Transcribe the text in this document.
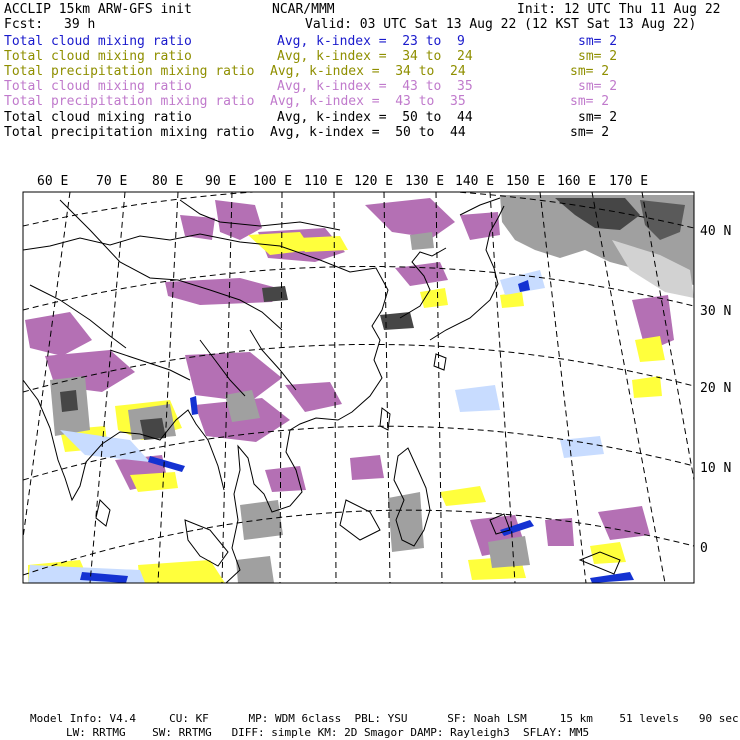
ACCLIP 15km ARW-GFS init	NCAR/MMM	Init: 12 UTC Thu 11 Aug 22
Fcst: 39 h	Valid: 03 UTC Sat 13 Aug 22 (12 KST Sat 13 Aug 22)
Total cloud mixing ratio	Avg, k-index =  23 to  9	sm= 2
Total cloud mixing ratio	Avg, k-index =  34 to  24	sm= 2
Total precipitation mixing ratio Avg, k-index =  34 to  24	sm= 2
Total cloud mixing ratio	Avg, k-index =  43 to  35	sm= 2
Total precipitation mixing ratio Avg, k-index =  43 to  35	sm= 2
Total cloud mixing ratio	Avg, k-index =  50 to  44	sm= 2
Total precipitation mixing ratio Avg, k-index =  50 to  44	sm= 2
60 E 70 E 80 E 90 E 100 E 110 E 120 E 130 E 140 E 150 E 160 E 170 E
40 N
30 N
20 N
10 N
0
Model Info: V4.4     CU: KF      MP: WDM 6class  PBL: YSU      SF: Noah LSM     15 km    51 levels   90 sec
LW: RRTMG    SW: RRTMG   DIFF: simple KM: 2D Smagor DAMP: Rayleigh3  SFLAY: MM5
